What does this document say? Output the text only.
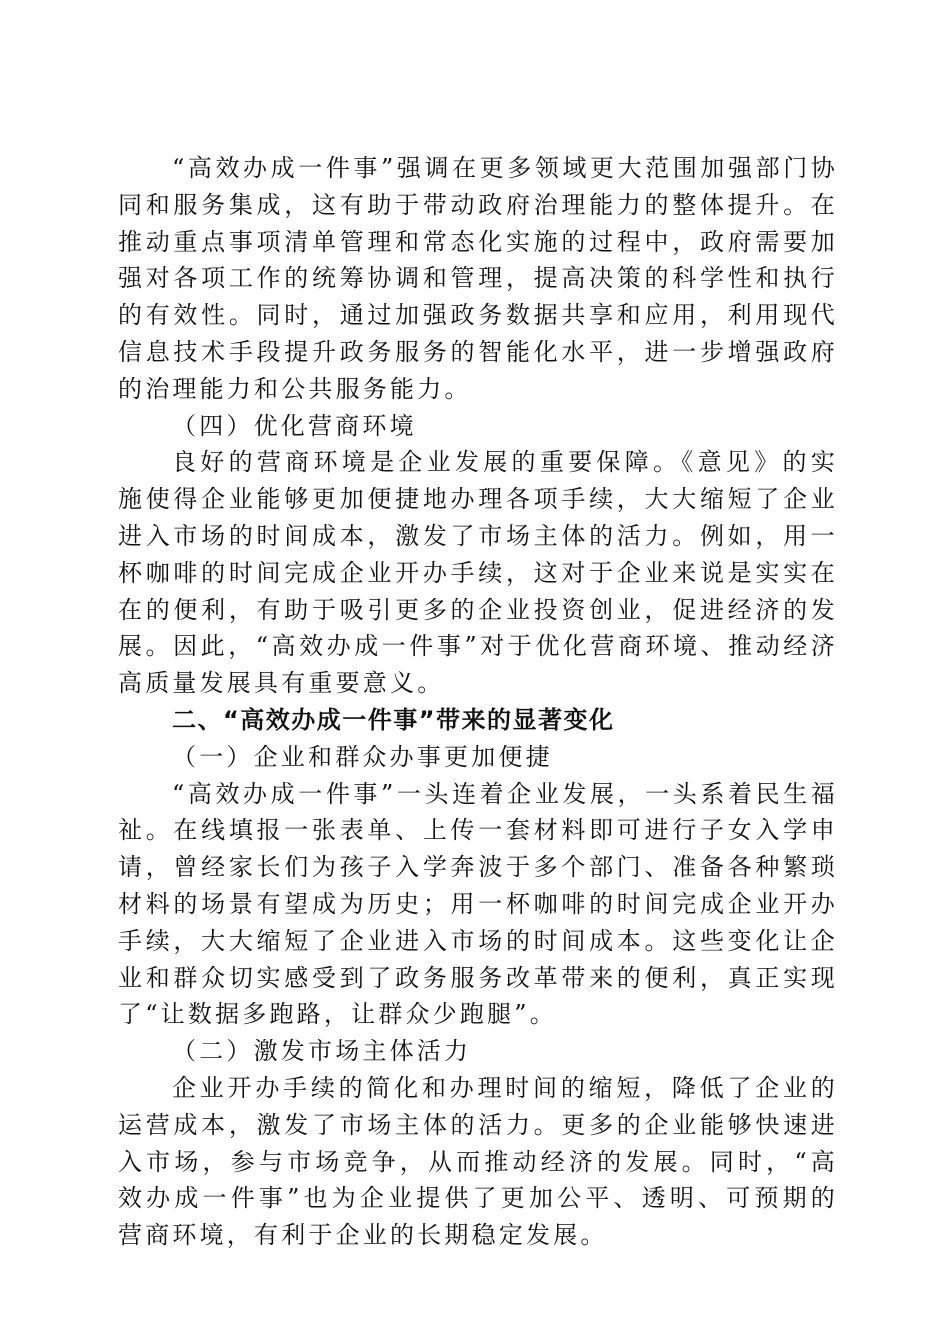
“高效办成一件事”强调在更多领域更大范围加强部门协同和服务集成，这有助于带动政府治理能力的整体提升。在推动重点事项清单管理和常态化实施的过程中，政府需要加强对各项工作的统筹协调和管理，提高决策的科学性和执行的有效性。同时，通过加强政务数据共享和应用，利用现代信息技术手段提升政务服务的智能化水平，进一步增强政府的治理能力和公共服务能力。

（四）优化营商环境

良好的营商环境是企业发展的重要保障。《意见》的实施使得企业能够更加便捷地办理各项手续，大大缩短了企业进入市场的时间成本，激发了市场主体的活力。例如，用一杯咖啡的时间完成企业开办手续，这对于企业来说是实实在在的便利，有助于吸引更多的企业投资创业，促进经济的发展。因此，“高效办成一件事”对于优化营商环境、推动经济高质量发展具有重要意义。

二、“高效办成一件事”带来的显著变化

（一）企业和群众办事更加便捷

“高效办成一件事”一头连着企业发展，一头系着民生福祉。在线填报一张表单、上传一套材料即可进行子女入学申请，曾经家长们为孩子入学奔波于多个部门、准备各种繁琐材料的场景有望成为历史；用一杯咖啡的时间完成企业开办手续，大大缩短了企业进入市场的时间成本。这些变化让企业和群众切实感受到了政务服务改革带来的便利，真正实现了“让数据多跑路，让群众少跑腿”。

（二）激发市场主体活力

企业开办手续的简化和办理时间的缩短，降低了企业的运营成本，激发了市场主体的活力。更多的企业能够快速进入市场，参与市场竞争，从而推动经济的发展。同时，“高效办成一件事”也为企业提供了更加公平、透明、可预期的营商环境，有利于企业的长期稳定发展。
